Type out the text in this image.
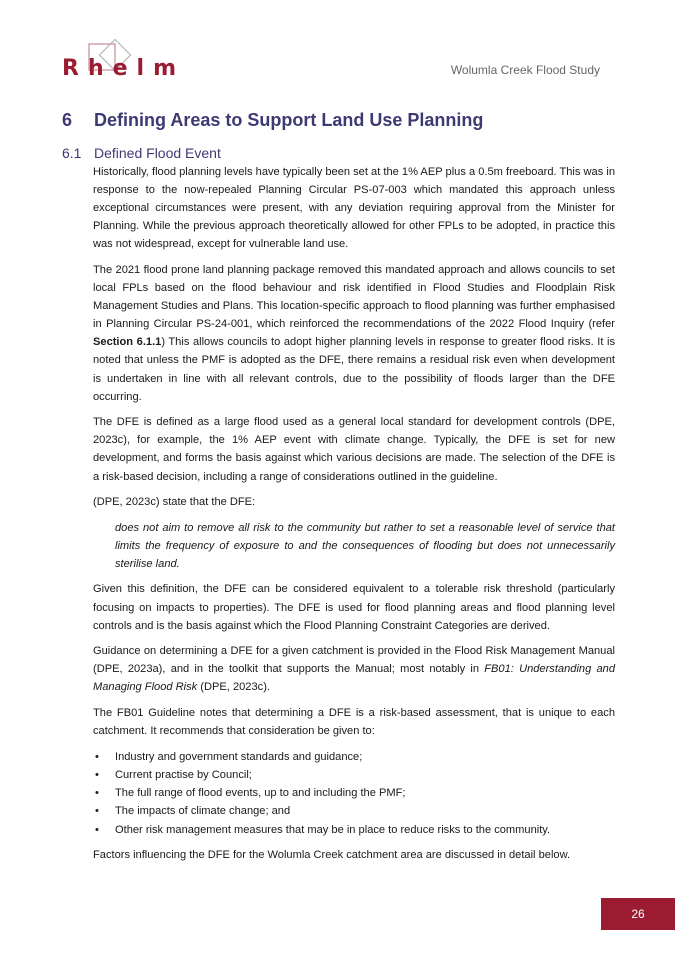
Rhelm	Wolumla Creek Flood Study
6 Defining Areas to Support Land Use Planning
6.1 Defined Flood Event

Historically, flood planning levels have typically been set at the 1% AEP plus a 0.5m freeboard. This was in response to the now-repealed Planning Circular PS-07-003 which mandated this approach unless exceptional circumstances were present, with any deviation requiring approval from the Minister for Planning. While the previous approach theoretically allowed for other FPLs to be adopted, in practice this was not widespread, except for vulnerable land use.

The 2021 flood prone land planning package removed this mandated approach and allows councils to set local FPLs based on the flood behaviour and risk identified in Flood Studies and Floodplain Risk Management Studies and Plans. This location-specific approach to flood planning was further emphasised in Planning Circular PS-24-001, which reinforced the recommendations of the 2022 Flood Inquiry (refer Section 6.1.1) This allows councils to adopt higher planning levels in response to greater flood risks. It is noted that unless the PMF is adopted as the DFE, there remains a residual risk even when development is undertaken in line with all relevant controls, due to the possibility of floods larger than the DFE occurring.

The DFE is defined as a large flood used as a general local standard for development controls (DPE, 2023c), for example, the 1% AEP event with climate change. Typically, the DFE is set for new development, and forms the basis against which various decisions are made. The selection of the DFE is a risk-based decision, including a range of considerations outlined in the guideline.

(DPE, 2023c) state that the DFE:

does not aim to remove all risk to the community but rather to set a reasonable level of service that limits the frequency of exposure to and the consequences of flooding but does not unnecessarily sterilise land.

Given this definition, the DFE can be considered equivalent to a tolerable risk threshold (particularly focusing on impacts to properties). The DFE is used for flood planning areas and flood planning level controls and is the basis against which the Flood Planning Constraint Categories are derived.

Guidance on determining a DFE for a given catchment is provided in the Flood Risk Management Manual (DPE, 2023a), and in the toolkit that supports the Manual; most notably in FB01: Understanding and Managing Flood Risk (DPE, 2023c).

The FB01 Guideline notes that determining a DFE is a risk-based assessment, that is unique to each catchment. It recommends that consideration be given to:

• Industry and government standards and guidance;
• Current practise by Council;
• The full range of flood events, up to and including the PMF;
• The impacts of climate change; and
• Other risk management measures that may be in place to reduce risks to the community.

Factors influencing the DFE for the Wolumla Creek catchment area are discussed in detail below.

26
